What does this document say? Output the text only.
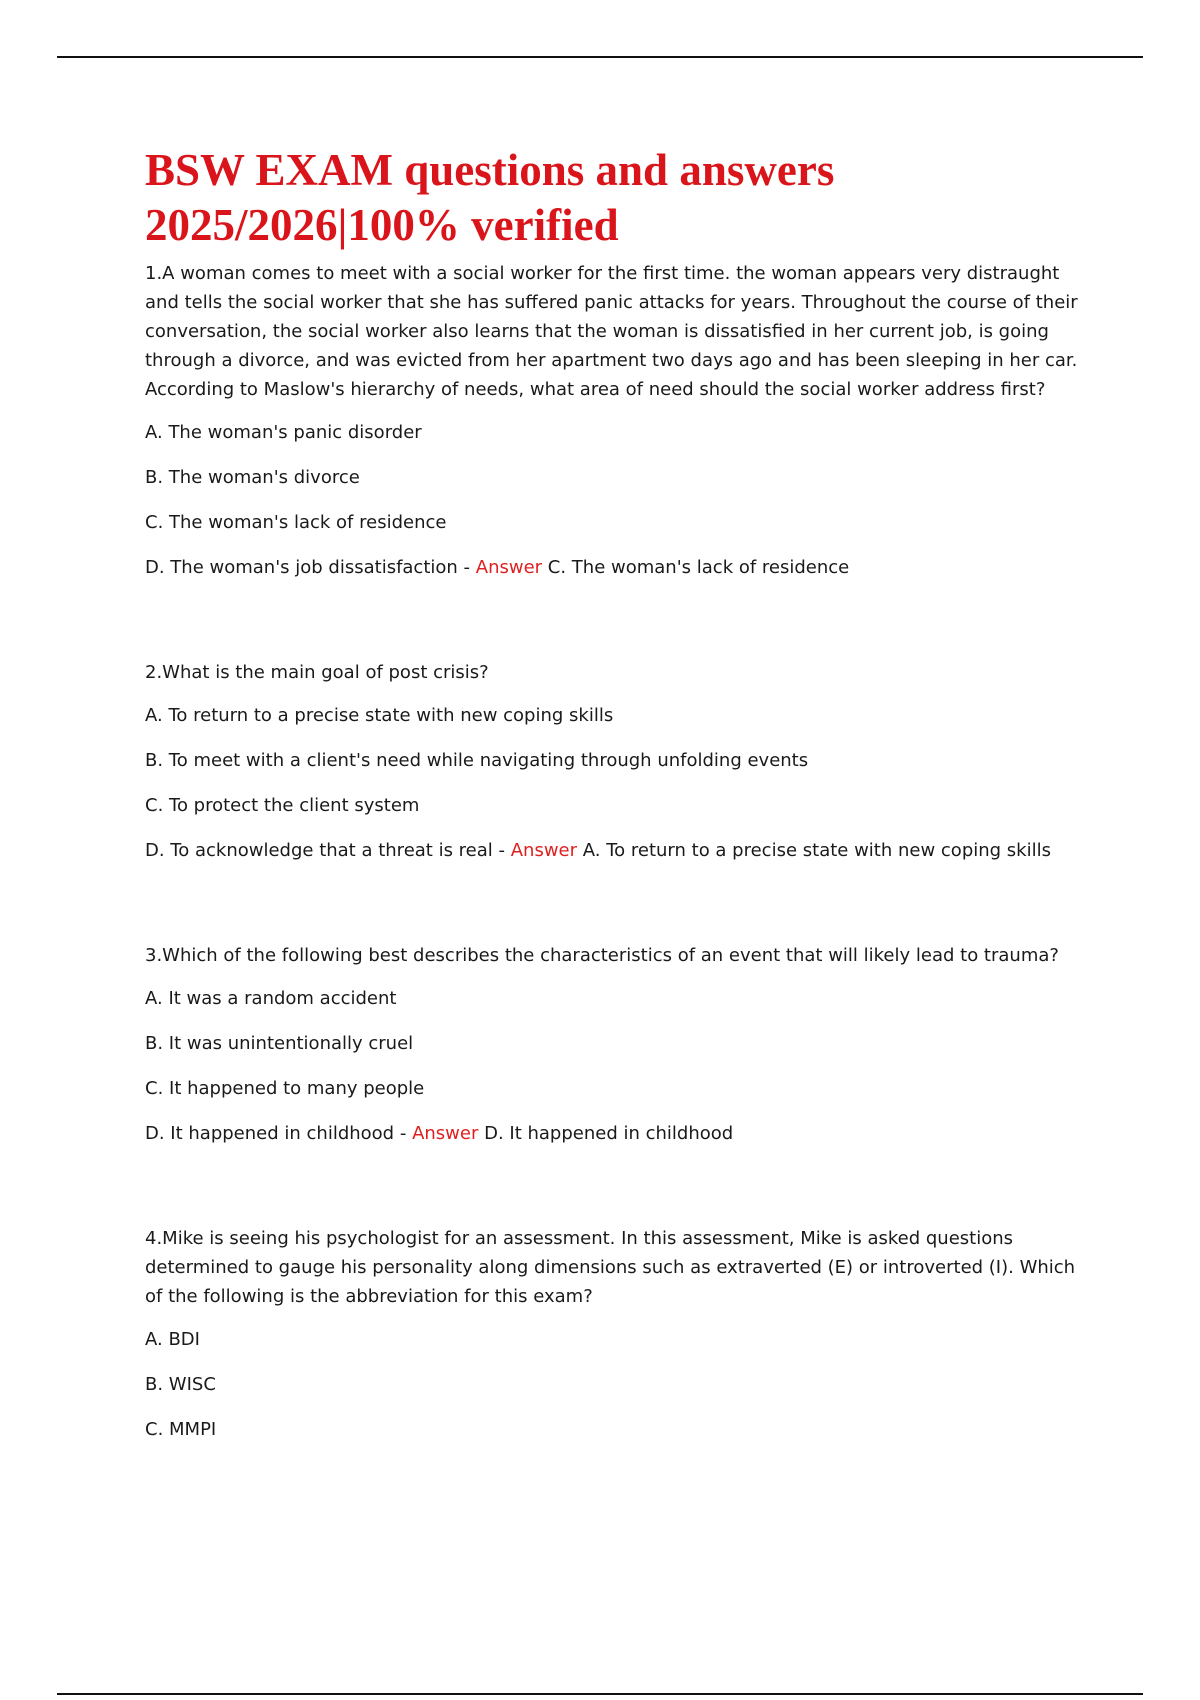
BSW EXAM questions and answers
2025/2026|100% verified

1.A woman comes to meet with a social worker for the first time. the woman appears very distraught and tells the social worker that she has suffered panic attacks for years. Throughout the course of their conversation, the social worker also learns that the woman is dissatisfied in her current job, is going through a divorce, and was evicted from her apartment two days ago and has been sleeping in her car. According to Maslow's hierarchy of needs, what area of need should the social worker address first?

A. The woman's panic disorder

B. The woman's divorce

C. The woman's lack of residence

D. The woman's job dissatisfaction - Answer C. The woman's lack of residence

2.What is the main goal of post crisis?

A. To return to a precise state with new coping skills

B. To meet with a client's need while navigating through unfolding events

C. To protect the client system

D. To acknowledge that a threat is real - Answer A. To return to a precise state with new coping skills

3.Which of the following best describes the characteristics of an event that will likely lead to trauma?

A. It was a random accident

B. It was unintentionally cruel

C. It happened to many people

D. It happened in childhood - Answer D. It happened in childhood

4.Mike is seeing his psychologist for an assessment. In this assessment, Mike is asked questions determined to gauge his personality along dimensions such as extraverted (E) or introverted (I). Which of the following is the abbreviation for this exam?

A. BDI

B. WISC

C. MMPI
